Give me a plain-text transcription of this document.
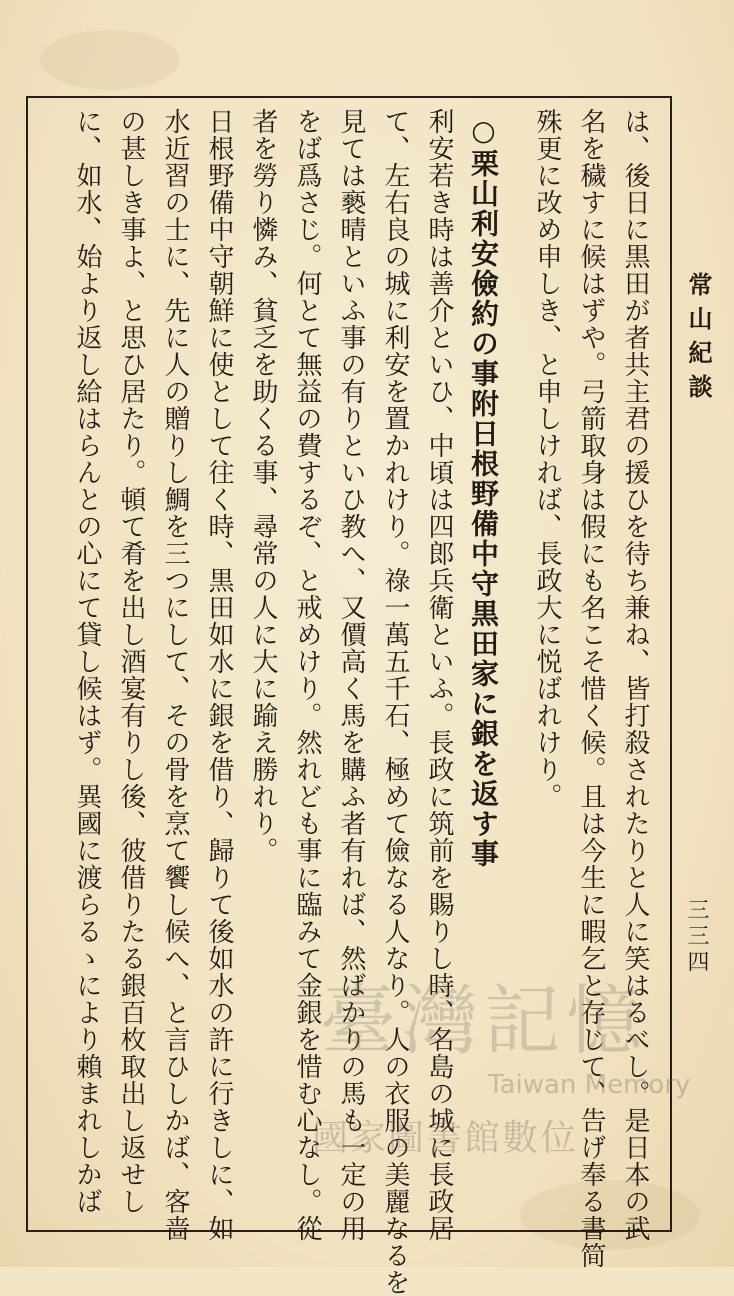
常山紀談

三三四

は、後日に黒田が者共主君の援ひを待ち兼ね、皆打殺されたりと人に笑はるべし。是日本の武

名を穢すに候はずや。弓箭取身は假にも名こそ惜く候。且は今生に暇乞と存じて、告げ奉る書简

殊更に改め申しき、と申しければ、長政大に悦ばれけり。

○栗山利安儉約の事附日根野備中守黒田家に銀を返す事

利安若き時は善介といひ、中頃は四郎兵衛といふ。長政に筑前を賜りし時、名島の城に長政居

て、左右良の城に利安を置かれけり。祿一萬五千石、極めて儉なる人なり。人の衣服の美麗なるを

見ては褻晴といふ事の有りといひ教へ、又價高く馬を購ふ者有れば、然ばかりの馬も一定の用

をば爲さじ。何とて無益の費するぞ、と戒めけり。然れども事に臨みて金銀を惜む心なし。從

者を勞り憐み、貧乏を助くる事、尋常の人に大に踰え勝れり。

日根野備中守朝鮮に使として往く時、黒田如水に銀を借り、歸りて後如水の許に行きしに、如

水近習の士に、先に人の贈りし鯛を三つにして、その骨を烹て饗し候へ、と言ひしかば、客啬

の甚しき事よ、と思ひ居たり。頓て肴を出し酒宴有りし後、彼借りたる銀百枚取出し返せし

に、如水、始より返し給はらんとの心にて貸し候はず。異國に渡らるゝにより賴まれしかば	臺灣記憶
Taiwan Memory
國家圖書館數位
